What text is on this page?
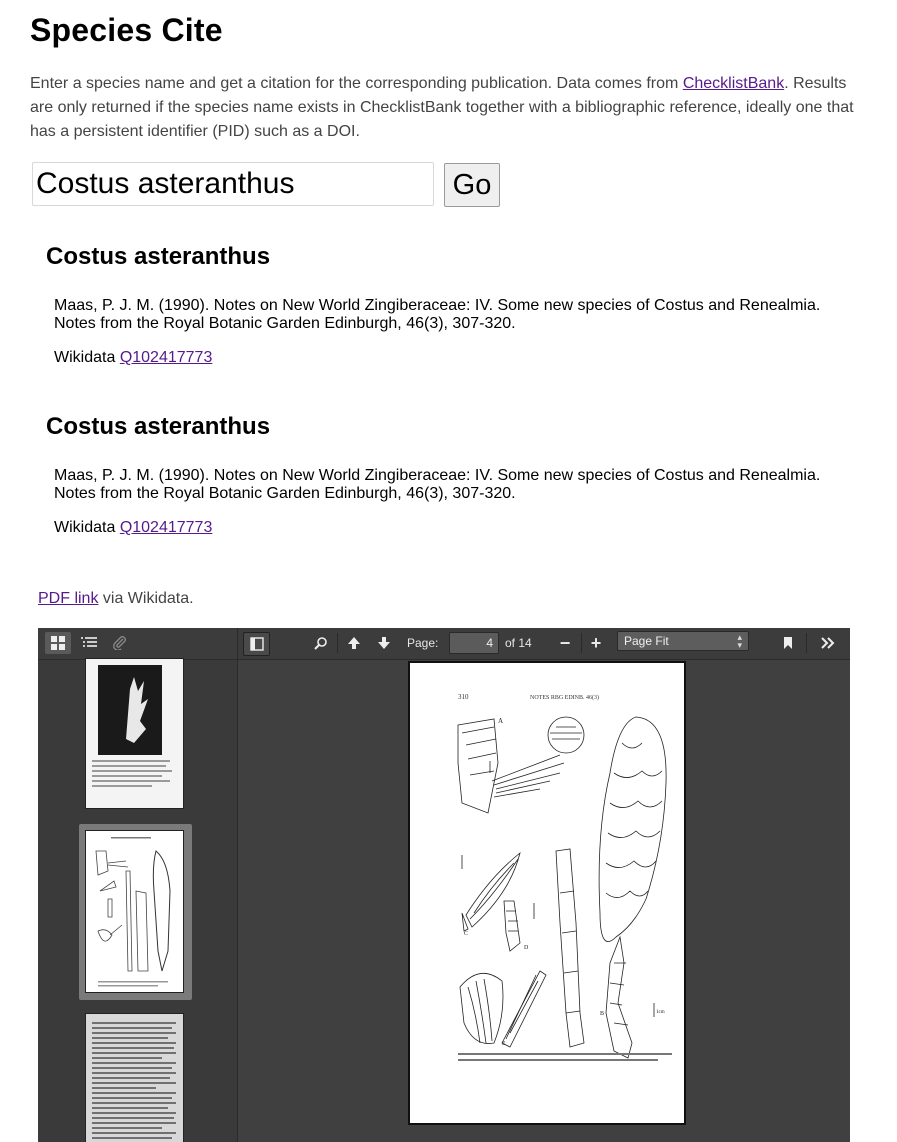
Species Cite

Enter a species name and get a citation for the corresponding publication. Data comes from ChecklistBank. Results are only returned if the species name exists in ChecklistBank together with a bibliographic reference, ideally one that has a persistent identifier (PID) such as a DOI.

Costus asteranthus
Go
Costus asteranthus

Maas, P. J. M. (1990). Notes on New World Zingiberaceae: IV. Some new species of Costus and Renealmia. Notes from the Royal Botanic Garden Edinburgh, 46(3), 307-320.

Wikidata Q102417773

Costus asteranthus

Maas, P. J. M. (1990). Notes on New World Zingiberaceae: IV. Some new species of Costus and Renealmia. Notes from the Royal Botanic Garden Edinburgh, 46(3), 307-320.

Wikidata Q102417773

PDF link via Wikidata.

Page:
4	of 14	−	+	Page Fit	▴
▾
310	NOTES RBG EDINB. 46(3)
A
B
C
D
E
1cm
